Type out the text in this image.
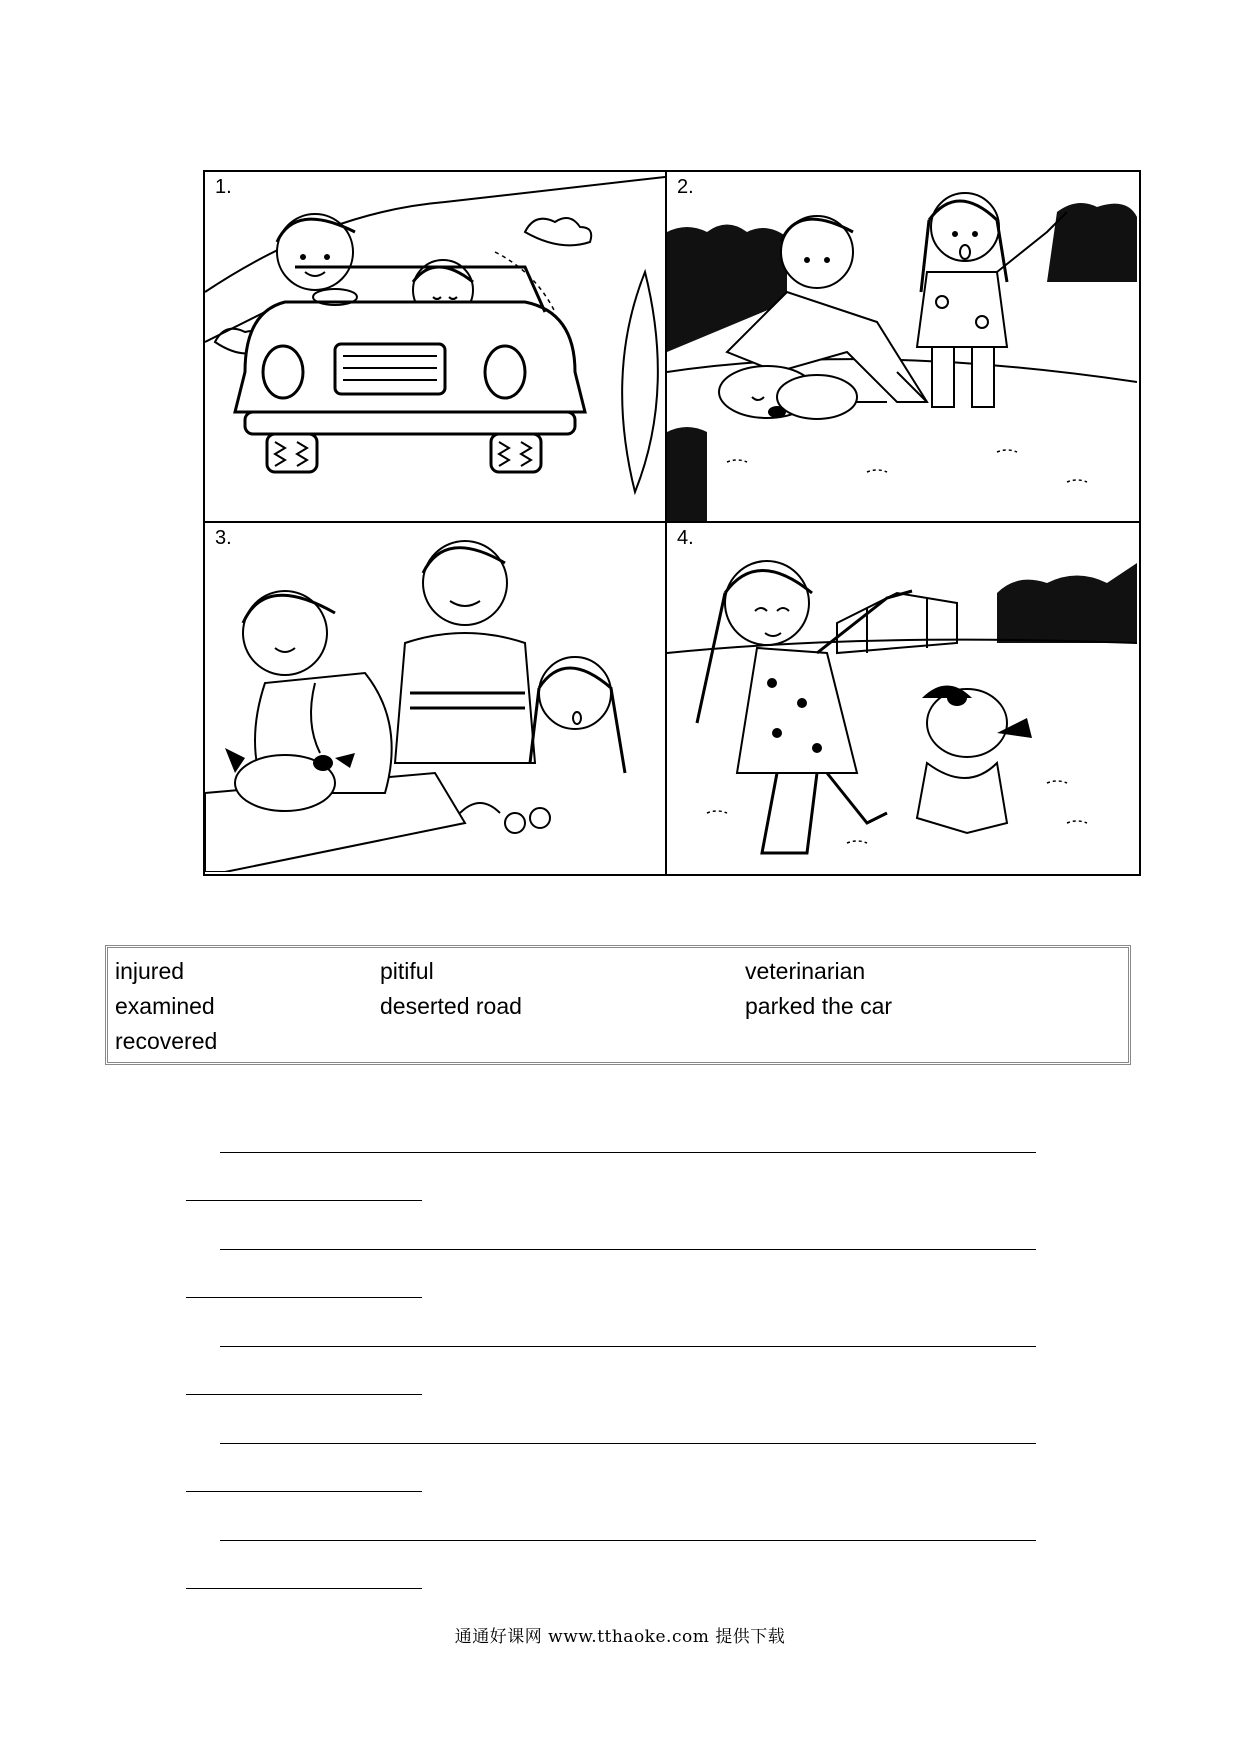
1.	2.
3.	4.
injured	pitiful	veterinarian
examined	deserted road	parked the car
recovered
通通好课网 www.tthaoke.com 提供下载
